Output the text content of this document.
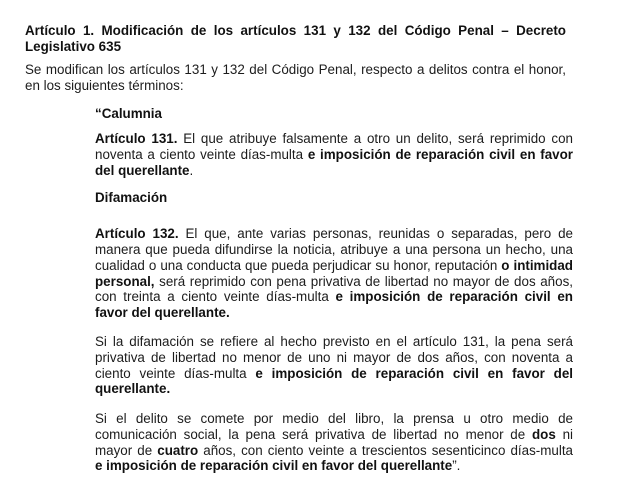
Artículo 1. Modificación de los artículos 131 y 132 del Código Penal – Decreto
Legislativo 635
Se modifican los artículos 131 y 132 del Código Penal, respecto a delitos contra el honor,
en los siguientes términos:
“Calumnia
Artículo 131. El que atribuye falsamente a otro un delito, será reprimido con
noventa a ciento veinte días-multa e imposición de reparación civil en favor
del querellante.
Difamación
Artículo 132. El que, ante varias personas, reunidas o separadas, pero de
manera que pueda difundirse la noticia, atribuye a una persona un hecho, una
cualidad o una conducta que pueda perjudicar su honor, reputación o intimidad
personal, será reprimido con pena privativa de libertad no mayor de dos años,
con treinta a ciento veinte días-multa e imposición de reparación civil en
favor del querellante.
Si la difamación se refiere al hecho previsto en el artículo 131, la pena será
privativa de libertad no menor de uno ni mayor de dos años, con noventa a
ciento veinte días-multa e imposición de reparación civil en favor del
querellante.
Si el delito se comete por medio del libro, la prensa u otro medio de
comunicación social, la pena será privativa de libertad no menor de dos ni
mayor de cuatro años, con ciento veinte a trescientos sesenticinco días-multa
e imposición de reparación civil en favor del querellante”.
